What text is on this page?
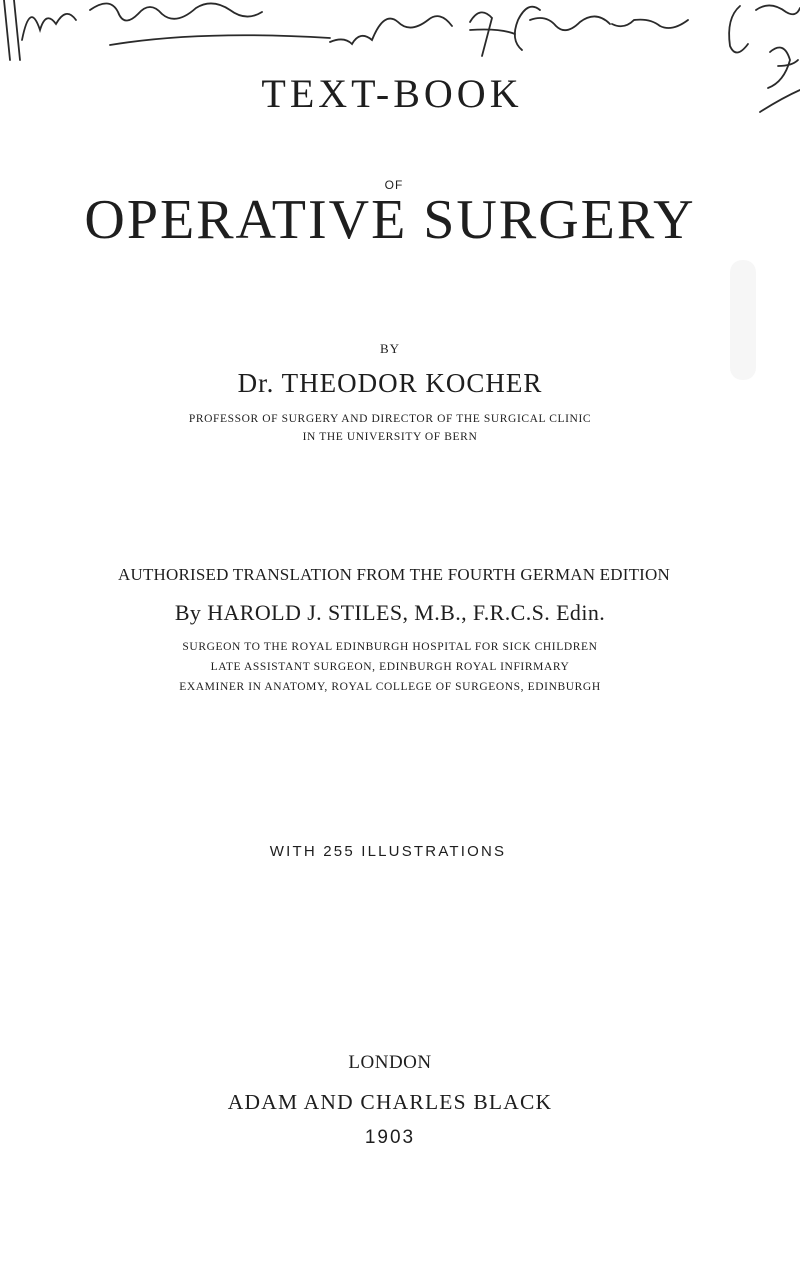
TEXT-BOOK
OF
OPERATIVE SURGERY
BY
Dr. THEODOR KOCHER
PROFESSOR OF SURGERY AND DIRECTOR OF THE SURGICAL CLINIC
IN THE UNIVERSITY OF BERN
AUTHORISED TRANSLATION FROM THE FOURTH GERMAN EDITION
By HAROLD J. STILES, M.B., F.R.C.S. Edin.
SURGEON TO THE ROYAL EDINBURGH HOSPITAL FOR SICK CHILDREN
LATE ASSISTANT SURGEON, EDINBURGH ROYAL INFIRMARY
EXAMINER IN ANATOMY, ROYAL COLLEGE OF SURGEONS, EDINBURGH
WITH 255 ILLUSTRATIONS
LONDON
ADAM AND CHARLES BLACK
1903
